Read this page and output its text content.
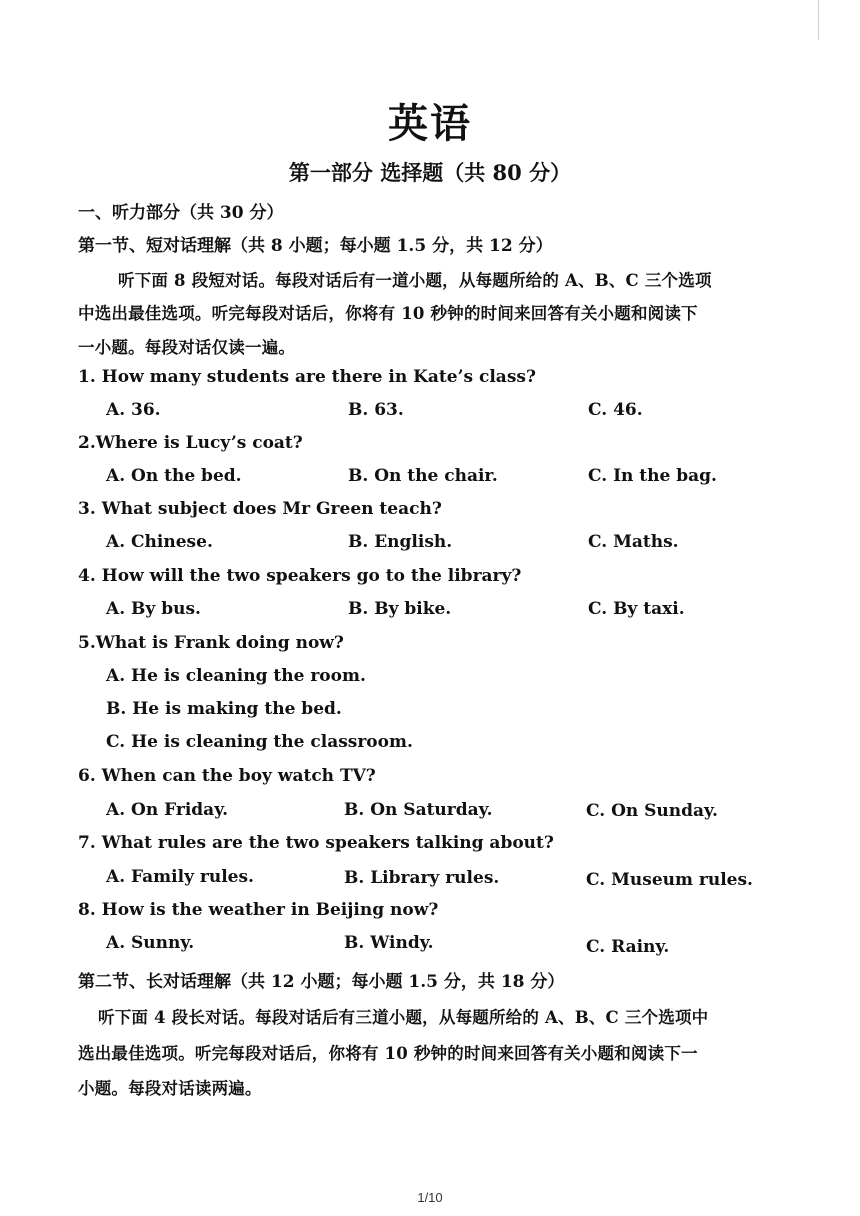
英语
第一部分 选择题（共 80 分）
一、听力部分（共 30 分）
第一节、短对话理解（共 8 小题；每小题 1.5 分，共 12 分）
听下面 8 段短对话。每段对话后有一道小题，从每题所给的 A、B、C 三个选项
中选出最佳选项。听完每段对话后，你将有 10 秒钟的时间来回答有关小题和阅读下
一小题。每段对话仅读一遍。
1. How many students are there in Kate’s class?
A. 36.	B. 63.	C. 46.
2.Where is Lucy’s coat?
A. On the bed.	B. On the chair.	C. In the bag.
3. What subject does Mr Green teach?
A. Chinese.	B. English.	C. Maths.
4. How will the two speakers go to the library?
A. By bus.	B. By bike.	C. By taxi.
5.What is Frank doing now?
A. He is cleaning the room.
B. He is making the bed.
C. He is cleaning the classroom.
6. When can the boy watch TV?
A. On Friday.	B. On Saturday.	C. On Sunday.
7. What rules are the two speakers talking about?
A. Family rules.	B. Library rules.	C. Museum rules.
8. How is the weather in Beijing now?
A. Sunny.	B. Windy.	C. Rainy.
第二节、长对话理解（共 12 小题；每小题 1.5 分，共 18 分）
听下面 4 段长对话。每段对话后有三道小题，从每题所给的 A、B、C 三个选项中
选出最佳选项。听完每段对话后，你将有 10 秒钟的时间来回答有关小题和阅读下一
小题。每段对话读两遍。
1/10
